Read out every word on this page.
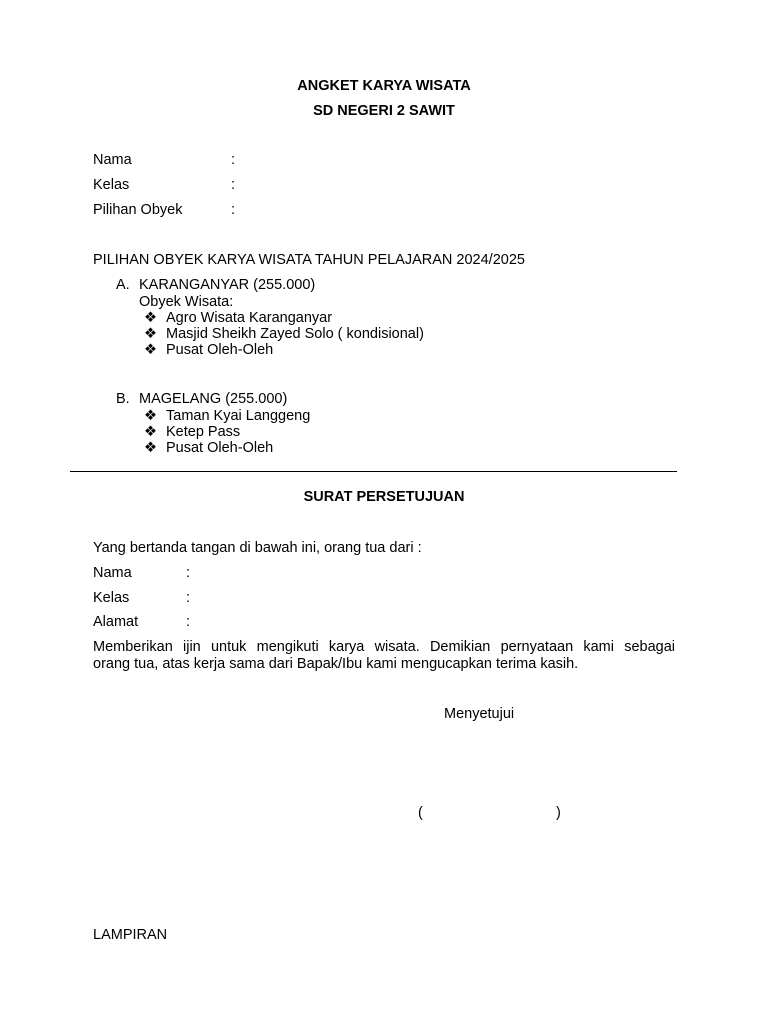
ANGKET KARYA WISATA
SD NEGERI 2 SAWIT
Nama	:
Kelas	:
Pilihan Obyek	:
PILIHAN OBYEK KARYA WISATA TAHUN PELAJARAN 2024/2025
A. KARANGANYAR (255.000)
Obyek Wisata:
❖ Agro Wisata Karanganyar
❖ Masjid Sheikh Zayed Solo ( kondisional)
❖ Pusat Oleh-Oleh
B. MAGELANG (255.000)
❖ Taman Kyai Langgeng
❖ Ketep Pass
❖ Pusat Oleh-Oleh
SURAT PERSETUJUAN
Yang bertanda tangan di bawah ini, orang tua dari :
Nama	:
Kelas	:
Alamat	:
Memberikan ijin untuk mengikuti karya wisata. Demikian pernyataan kami sebagai
orang tua, atas kerja sama dari Bapak/Ibu kami mengucapkan terima kasih.
Menyetujui
(	)
LAMPIRAN
